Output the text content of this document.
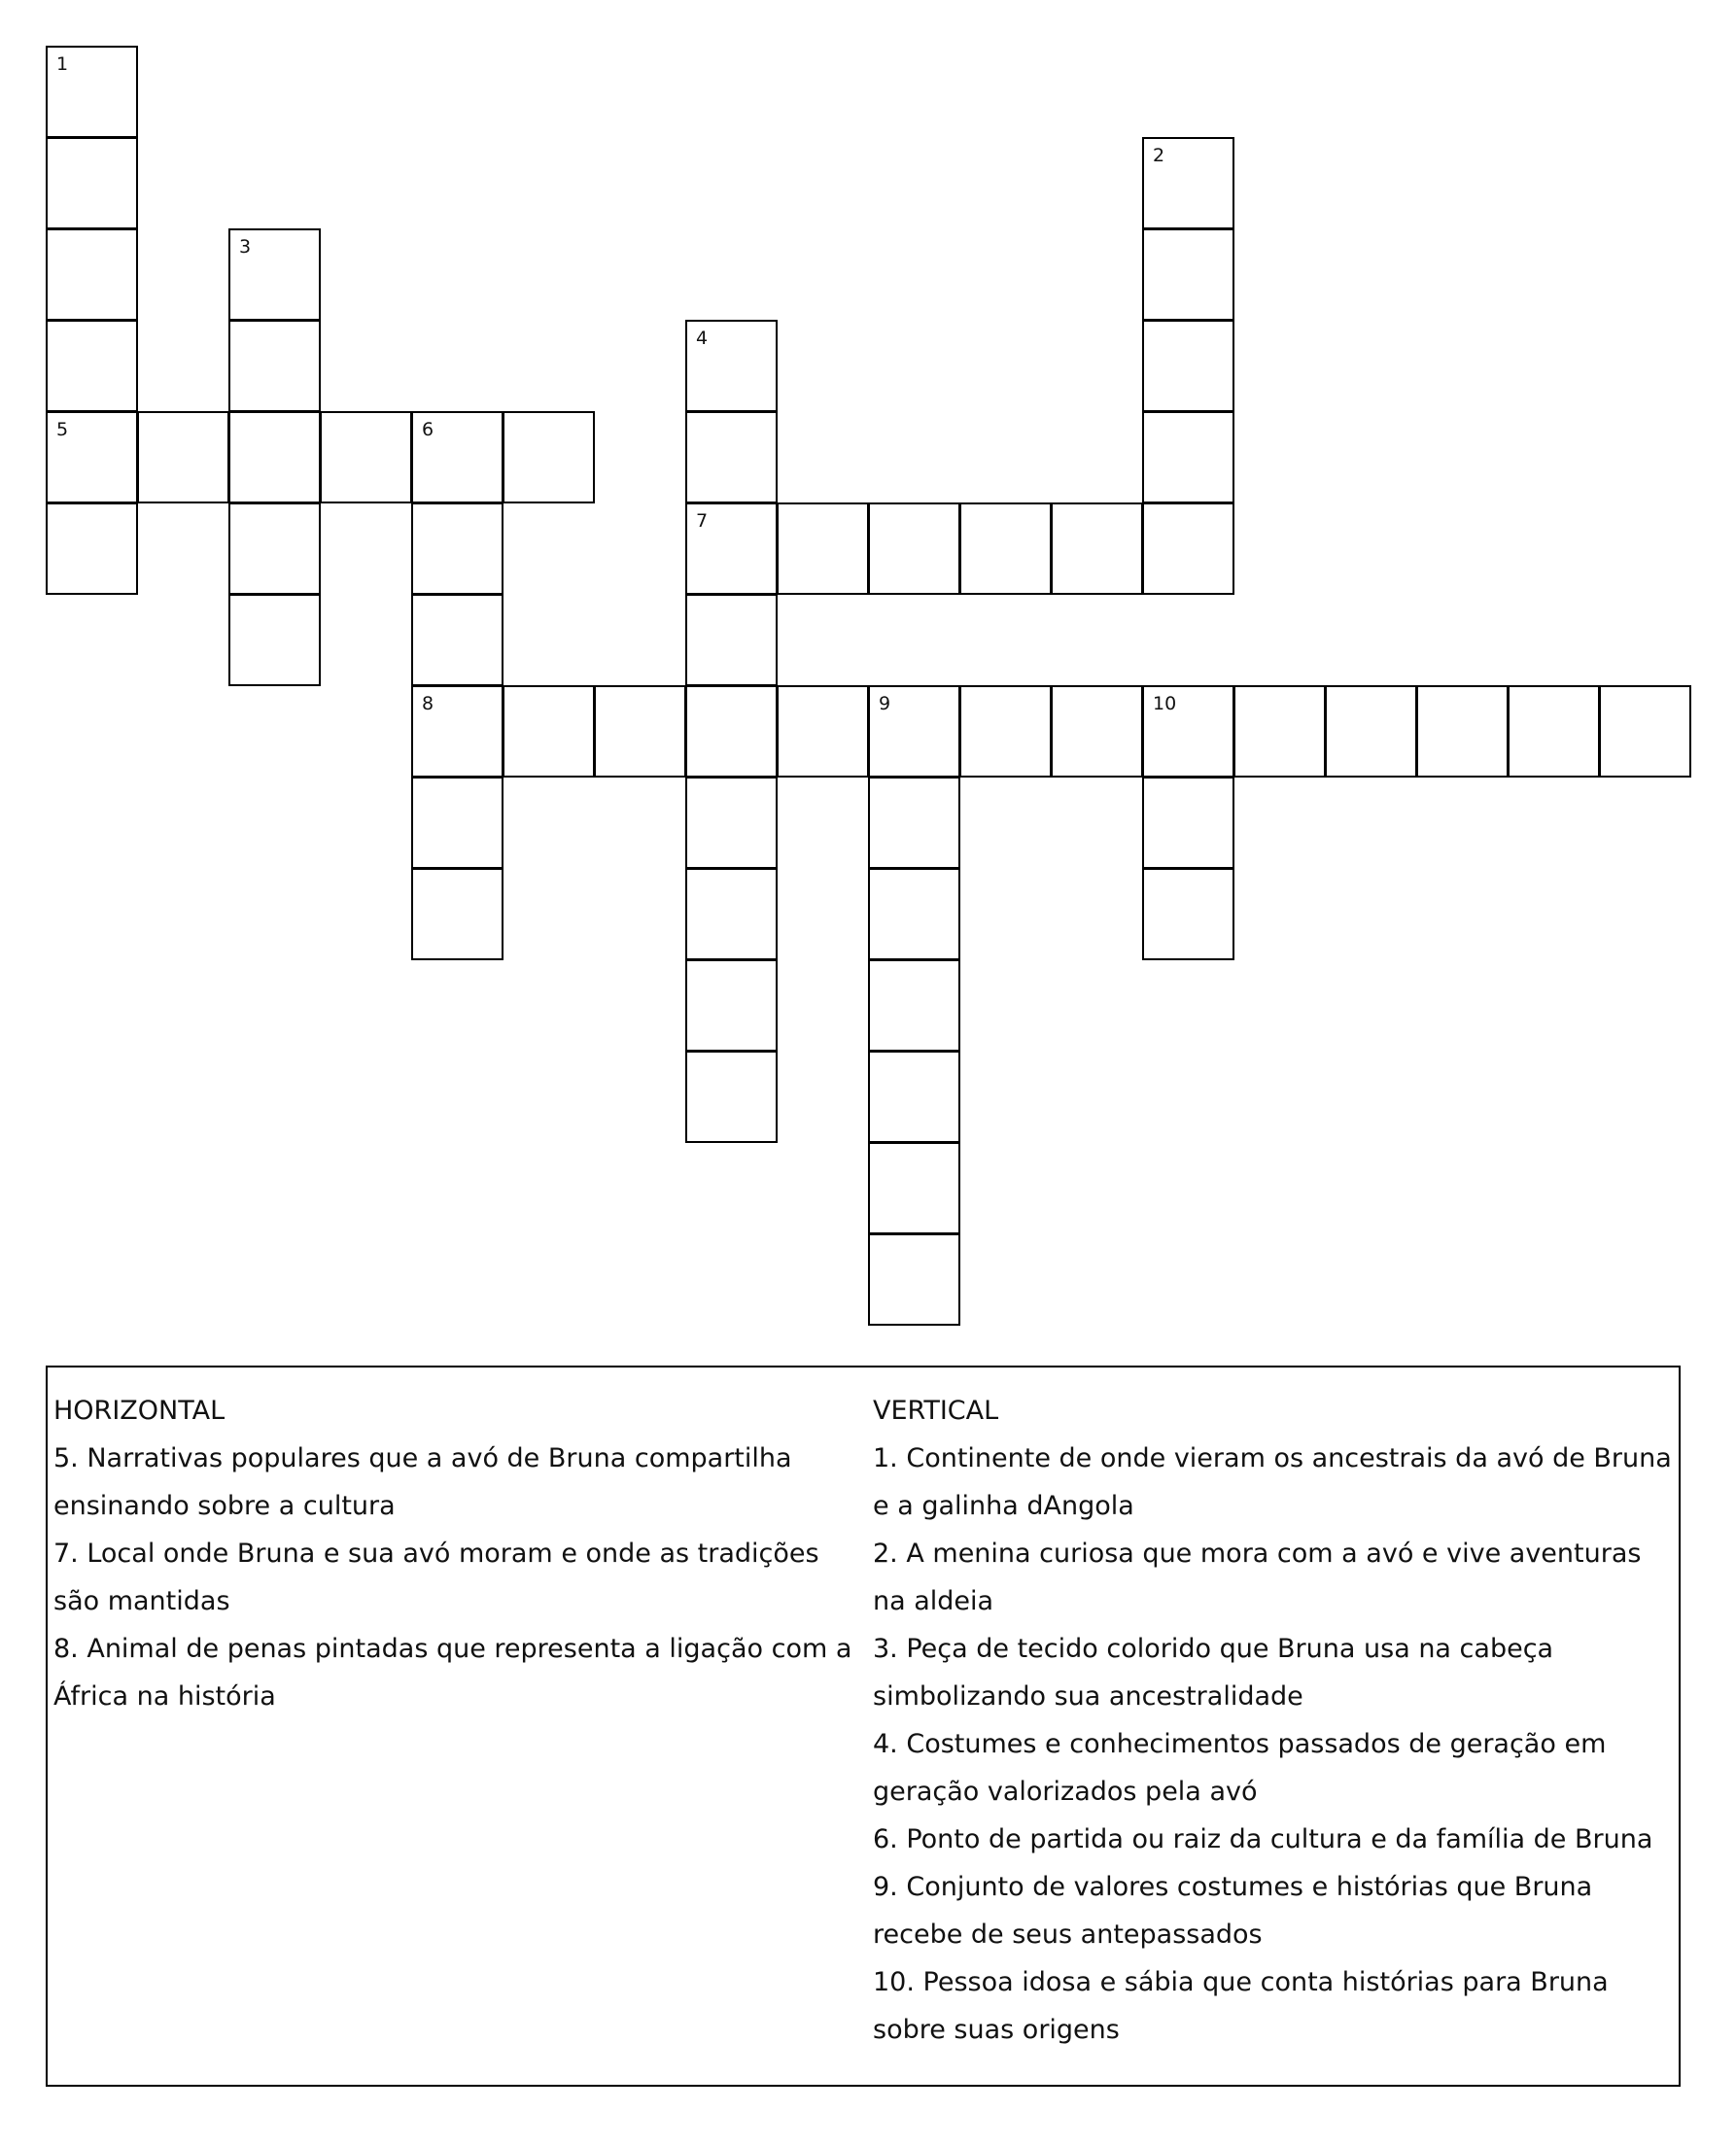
1
5
2
3
4
7
6
8	9	10
HORIZONTAL
5. Narrativas populares que a avó de Bruna compartilha ensinando sobre a cultura
7. Local onde Bruna e sua avó moram e onde as tradições são mantidas
8. Animal de penas pintadas que representa a ligação com a África na história
VERTICAL
1. Continente de onde vieram os ancestrais da avó de Bruna e a galinha dAngola
2. A menina curiosa que mora com a avó e vive aventuras na aldeia
3. Peça de tecido colorido que Bruna usa na cabeça simbolizando sua ancestralidade
4. Costumes e conhecimentos passados de geração em geração valorizados pela avó
6. Ponto de partida ou raiz da cultura e da família de Bruna
9. Conjunto de valores costumes e histórias que Bruna recebe de seus antepassados
10. Pessoa idosa e sábia que conta histórias para Bruna sobre suas origens
